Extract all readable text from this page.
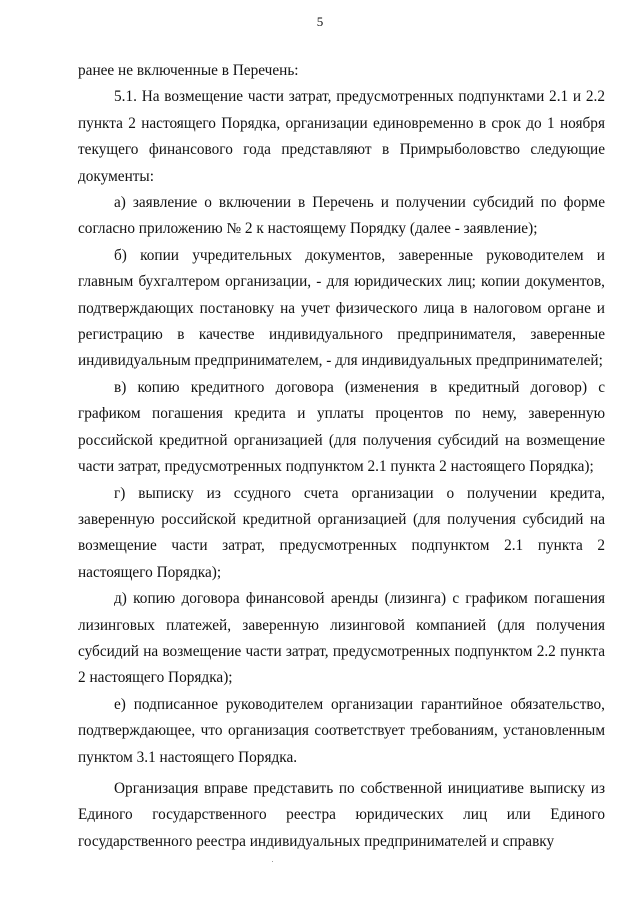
5

ранее не включенные в Перечень:

5.1. На возмещение части затрат, предусмотренных подпунктами 2.1 и 2.2 пункта 2 настоящего Порядка, организации единовременно в срок до 1 ноября текущего финансового года представляют в Примрыболовство следующие документы:

а) заявление о включении в Перечень и получении субсидий по форме согласно приложению № 2 к настоящему Порядку (далее - заявление);

б) копии учредительных документов, заверенные руководителем и главным бухгалтером организации, - для юридических лиц; копии документов, подтверждающих постановку на учет физического лица в налоговом органе и регистрацию в качестве индивидуального предпринимателя, заверенные индивидуальным предпринимателем, - для индивидуальных предпринимателей;

в) копию кредитного договора (изменения в кредитный договор) с графиком погашения кредита и уплаты процентов по нему, заверенную российской кредитной организацией (для получения субсидий на возмещение части затрат, предусмотренных подпунктом 2.1 пункта 2 настоящего Порядка);

г) выписку из ссудного счета организации о получении кредита, заверенную российской кредитной организацией (для получения субсидий на возмещение части затрат, предусмотренных подпунктом 2.1 пункта 2 настоящего Порядка);

д) копию договора финансовой аренды (лизинга) с графиком погашения лизинговых платежей, заверенную лизинговой компанией (для получения субсидий на возмещение части затрат, предусмотренных подпунктом 2.2 пункта 2 настоящего Порядка);

е) подписанное руководителем организации гарантийное обязательство, подтверждающее, что организация соответствует требованиям, установленным пунктом 3.1 настоящего Порядка.

Организация вправе представить по собственной инициативе выписку из Единого государственного реестра юридических лиц или Единого государственного реестра индивидуальных предпринимателей и справку
